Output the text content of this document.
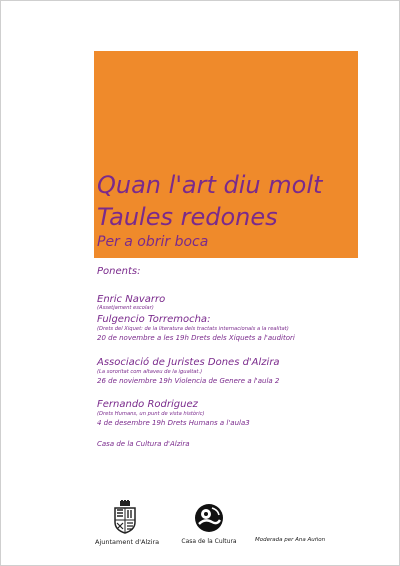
Quan l'art diu molt
Taules redones
Per a obrir boca
Ponents:
Enric Navarro
(Assetjament escolar)
Fulgencio Torremocha:
(Drets del Xiquet: de la literatura dels tractats internacionals a la realitat)
20 de novembre a les 19h Drets dels Xiquets a l'auditori
Associació de Juristes Dones d'Alzira
(La sororitat com altaveu de la igualtat.)
26 de noviembre 19h Violencia de Genere a l'aula 2
Fernando Rodriguez
(Drets Humans, un punt de vista històric)
4 de desembre 19h Drets Humans a l'aula3
Casa de la Cultura d'Alzira
Ajuntament d'Alzira	Casa de la Cultura	Moderada per Ana Auñon
